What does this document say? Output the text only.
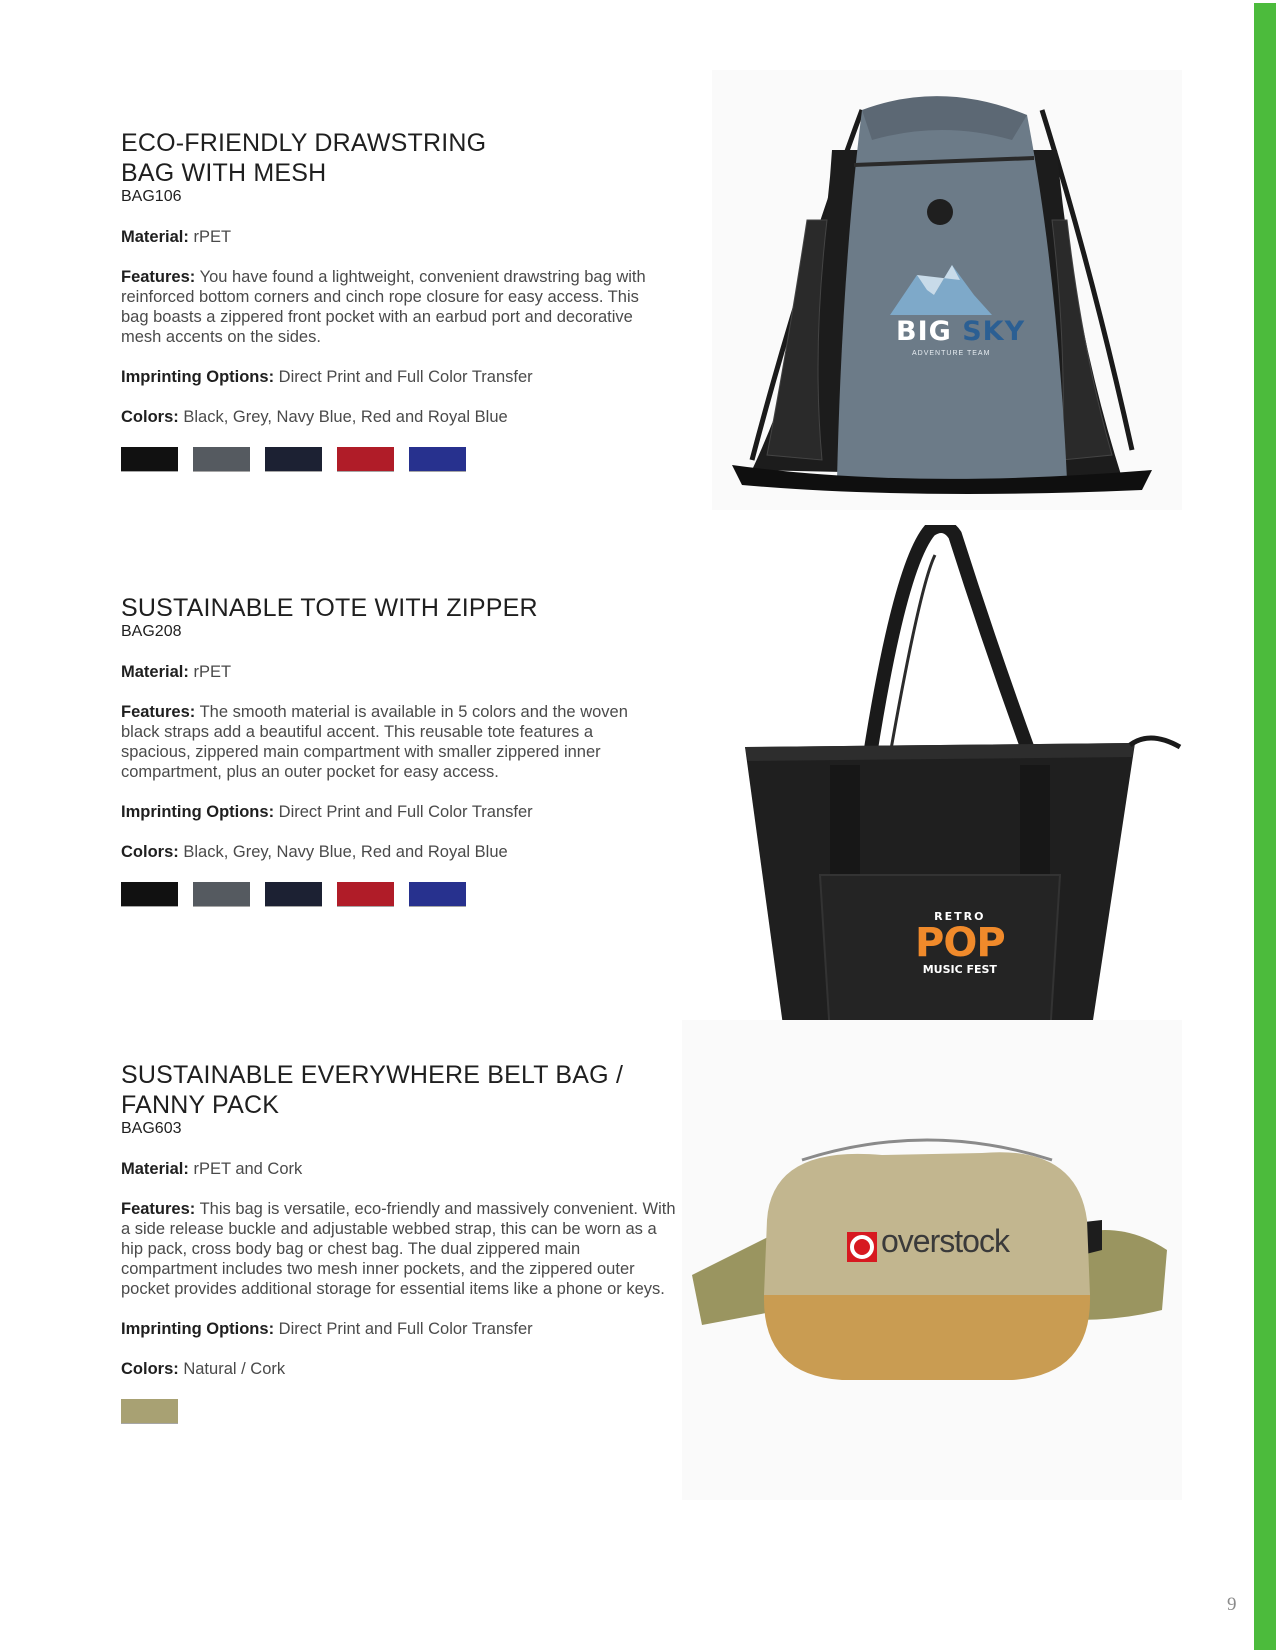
ECO-FRIENDLY DRAWSTRING BAG WITH MESH

BAG106

Material: rPET

Features: You have found a lightweight, convenient drawstring bag with reinforced bottom corners and cinch rope closure for easy access. This bag boasts a zippered front pocket with an earbud port and decorative mesh accents on the sides.

Imprinting Options: Direct Print and Full Color Transfer

Colors: Black, Grey, Navy Blue, Red and Royal Blue

BIG SKY
ADVENTURE TEAM
SUSTAINABLE TOTE WITH ZIPPER

BAG208

Material: rPET

Features: The smooth material is available in 5 colors and the woven black straps add a beautiful accent. This reusable tote features a spacious, zippered main compartment with smaller zippered inner compartment, plus an outer pocket for easy access.

Imprinting Options: Direct Print and Full Color Transfer

Colors: Black, Grey, Navy Blue, Red and Royal Blue

RETRO
POP
MUSIC FEST
SUSTAINABLE EVERYWHERE BELT BAG / FANNY PACK

BAG603

Material: rPET and Cork

Features: This bag is versatile, eco-friendly and massively convenient. With a side release buckle and adjustable webbed strap, this can be worn as a hip pack, cross body bag or chest bag. The dual zippered main compartment includes two mesh inner pockets, and the zippered outer pocket provides additional storage for essential items like a phone or keys.

Imprinting Options: Direct Print and Full Color Transfer

Colors: Natural / Cork

overstock
9
